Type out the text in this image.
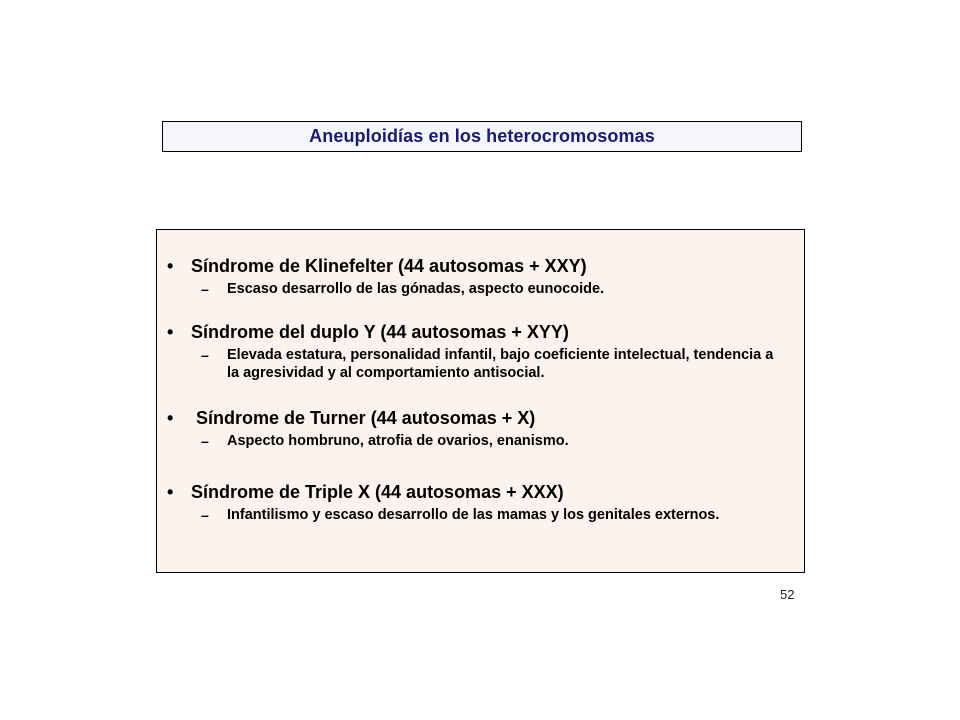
Aneuploidías en los heterocromosomas
• Síndrome de Klinefelter (44 autosomas + XXY)
–	Escaso desarrollo de las gónadas, aspecto eunocoide.
• Síndrome del duplo Y (44 autosomas + XYY)
–	Elevada estatura, personalidad infantil, bajo coeficiente intelectual, tendencia a la agresividad y al comportamiento antisocial.
• Síndrome de Turner (44 autosomas + X)
–	Aspecto hombruno, atrofia de ovarios, enanismo.
• Síndrome de Triple X (44 autosomas + XXX)
–	Infantilismo y escaso desarrollo de las mamas y los genitales externos.
52
